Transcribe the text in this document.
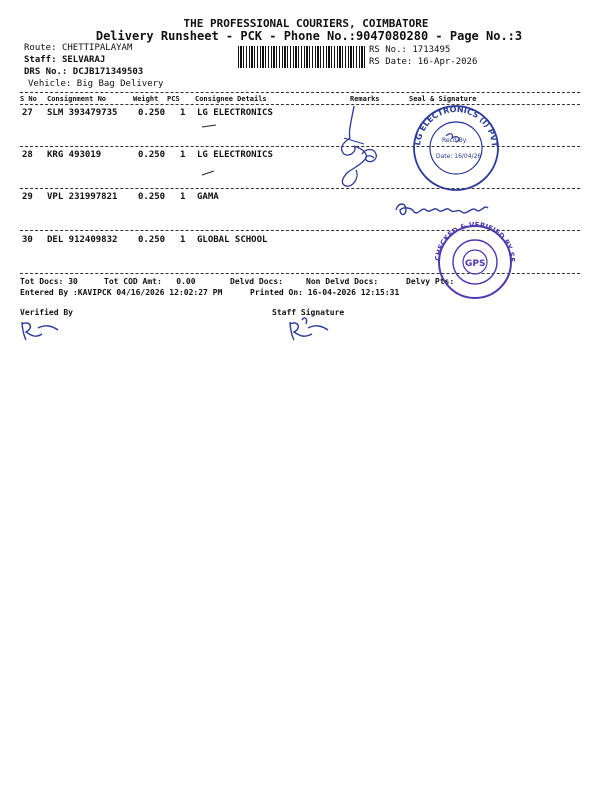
THE PROFESSIONAL COURIERS, COIMBATORE
Delivery Runsheet - PCK - Phone No.:9047080280 - Page No.:3
Route: CHETTIPALAYAM
Staff: SELVARAJ
DRS No.: DCJB171349503
Vehicle: Big Bag Delivery
RS No.: 1713495
RS Date: 16-Apr-2026
S No Consignment No	Weight PCS Consignee Details	Remarks	Seal & Signature
27 SLM 393479735 0.250 1 LG ELECTRONICS
28 KRG 493019	0.250 1 LG ELECTRONICS
29 VPL 231997821 0.250 1 GAMA
30 DEL 912409832 0.250 1 GLOBAL SCHOOL
Tot Docs: 30	Tot COD Amt: 0.00	Delvd Docs:	Non Delvd Docs:	Delvy Pts:
Entered By :KAVIPCK 04/16/2026 12:02:27 PM	Printed On: 16-04-2026 12:15:31
Verified By	Staff Signature
LG ELECTRONICS (I) PVT LTD. CBE
Recd By:
Date: 16/04/26
CHECKED & VERIFIED BY SECURITY
GPS
